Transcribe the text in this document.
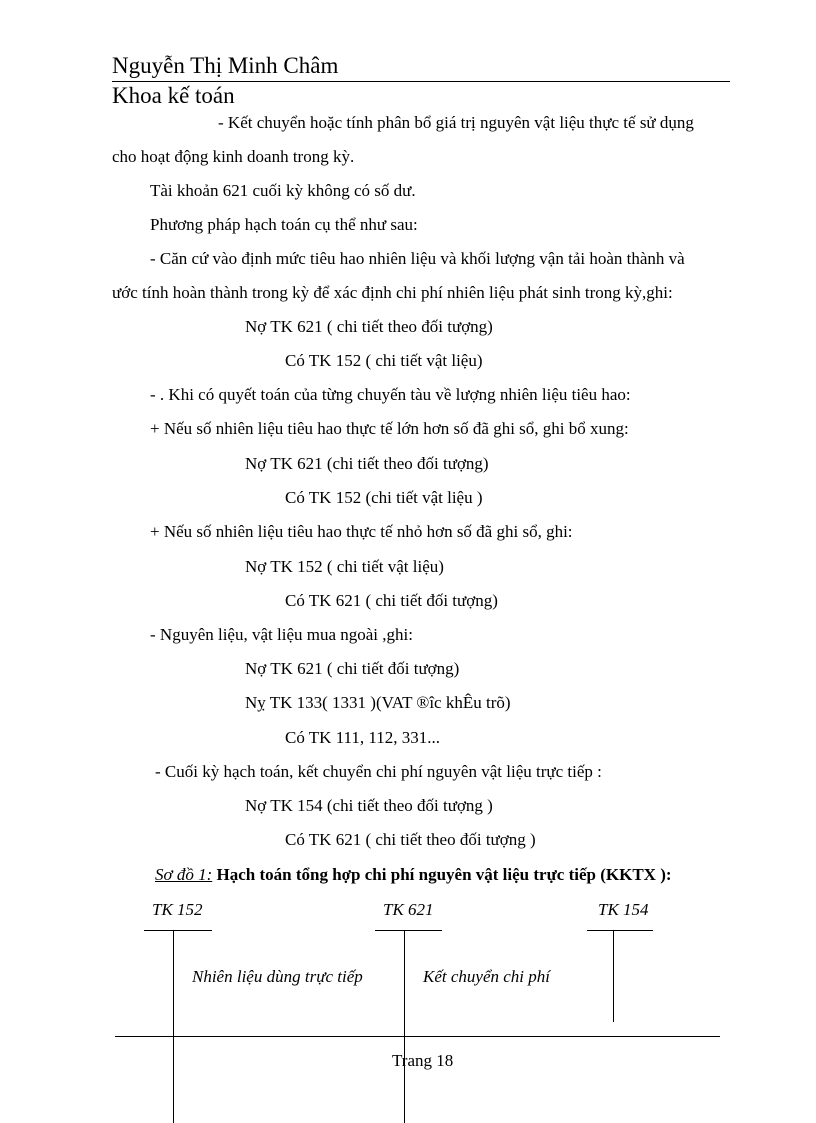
Nguyễn Thị Minh Châm
Khoa kế toán
- Kết chuyển hoặc tính phân bổ giá trị nguyên vật liệu thực tế sử dụng
cho hoạt động kinh doanh trong kỳ.
Tài khoản 621 cuối kỳ không có số dư.
Phương pháp hạch toán cụ thể như sau:
- Căn cứ vào định mức tiêu hao nhiên liệu và khối lượng vận tải hoàn thành và
ước tính hoàn thành trong kỳ để xác định chi phí nhiên liệu phát sinh trong kỳ,ghi:
Nợ TK 621 ( chi tiết theo đối tượng)
Có TK 152 ( chi tiết vật liệu)
- . Khi có quyết toán của từng chuyến tàu về lượng nhiên liệu tiêu hao:
+ Nếu số nhiên liệu tiêu hao thực tế lớn hơn số đã ghi sổ, ghi bổ xung:
Nợ TK 621 (chi tiết theo đối tượng)
Có TK 152 (chi tiết vật liệu )
+ Nếu số nhiên liệu tiêu hao thực tế nhỏ hơn số đã ghi sổ, ghi:
Nợ TK 152 ( chi tiết vật liệu)
Có TK 621 ( chi tiết đối tượng)
- Nguyên liệu, vật liệu mua ngoài ,ghi:
Nợ TK 621 ( chi tiết đối tượng)
Nỵ TK 133( 1331 )(VAT ®îc khÊu trõ)
Có TK 111, 112, 331...
- Cuối kỳ hạch toán, kết chuyển chi phí nguyên vật liệu trực tiếp :
Nợ TK 154 (chi tiết theo đối tượng )
Có TK 621 ( chi tiết theo đối tượng )
Sơ đồ 1: Hạch toán tổng hợp chi phí nguyên vật liệu trực tiếp (KKTX ):
TK 152	TK 621	TK 154
Nhiên liệu dùng trực tiếp	Kết chuyển chi phí
Trang 18
